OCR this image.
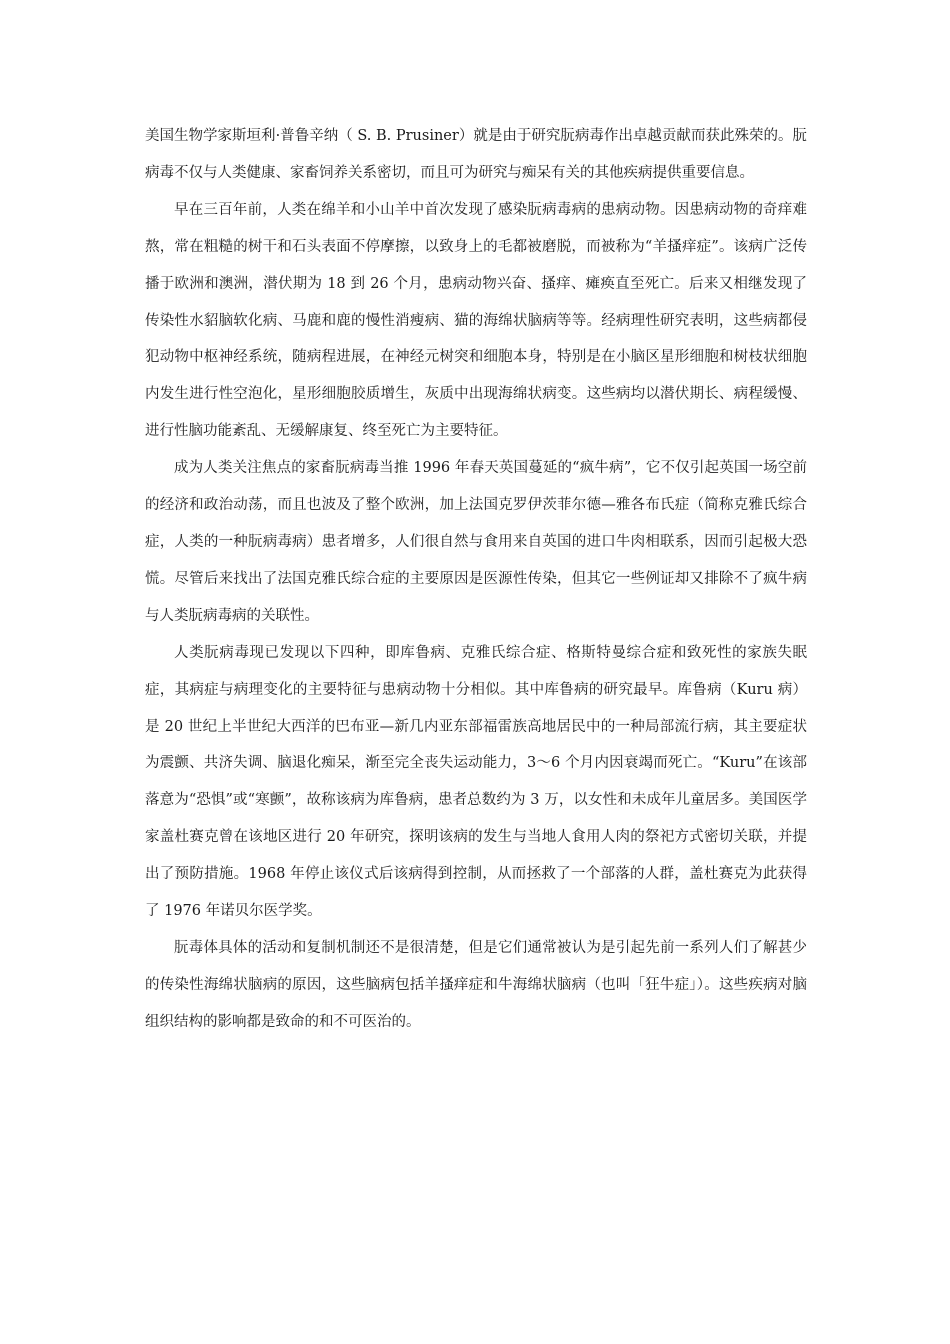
美国生物学家斯垣利·普鲁辛纳（ S. B. Prusiner）就是由于研究朊病毒作出卓越贡献而获此殊荣的。朊病毒不仅与人类健康、家畜饲养关系密切，而且可为研究与痴呆有关的其他疾病提供重要信息。

早在三百年前，人类在绵羊和小山羊中首次发现了感染朊病毒病的患病动物。因患病动物的奇痒难熬，常在粗糙的树干和石头表面不停摩擦，以致身上的毛都被磨脱，而被称为“羊搔痒症”。该病广泛传播于欧洲和澳洲，潜伏期为 18 到 26 个月，患病动物兴奋、搔痒、瘫痪直至死亡。后来又相继发现了传染性水貂脑软化病、马鹿和鹿的慢性消瘦病、猫的海绵状脑病等等。经病理性研究表明，这些病都侵犯动物中枢神经系统，随病程进展，在神经元树突和细胞本身，特别是在小脑区星形细胞和树枝状细胞内发生进行性空泡化，星形细胞胶质增生，灰质中出现海绵状病变。这些病均以潜伏期长、病程缓慢、进行性脑功能紊乱、无缓解康复、终至死亡为主要特征。

成为人类关注焦点的家畜朊病毒当推 1996 年春天英国蔓延的“疯牛病”，它不仅引起英国一场空前的经济和政治动荡，而且也波及了整个欧洲，加上法国克罗伊茨菲尔德—雅各布氏症（简称克雅氏综合症，人类的一种朊病毒病）患者增多，人们很自然与食用来自英国的进口牛肉相联系，因而引起极大恐慌。尽管后来找出了法国克雅氏综合症的主要原因是医源性传染，但其它一些例证却又排除不了疯牛病与人类朊病毒病的关联性。

人类朊病毒现已发现以下四种，即库鲁病、克雅氏综合症、格斯特曼综合症和致死性的家族失眠症，其病症与病理变化的主要特征与患病动物十分相似。其中库鲁病的研究最早。库鲁病（Kuru 病）是 20 世纪上半世纪大西洋的巴布亚—新几内亚东部福雷族高地居民中的一种局部流行病，其主要症状为震颤、共济失调、脑退化痴呆，渐至完全丧失运动能力，3～6 个月内因衰竭而死亡。“Kuru”在该部落意为“恐惧”或“寒颤”，故称该病为库鲁病，患者总数约为 3 万，以女性和未成年儿童居多。美国医学家盖杜赛克曾在该地区进行 20 年研究，探明该病的发生与当地人食用人肉的祭祀方式密切关联，并提出了预防措施。1968 年停止该仪式后该病得到控制，从而拯救了一个部落的人群，盖杜赛克为此获得了 1976 年诺贝尔医学奖。

朊毒体具体的活动和复制机制还不是很清楚，但是它们通常被认为是引起先前一系列人们了解甚少的传染性海绵状脑病的原因，这些脑病包括羊搔痒症和牛海绵状脑病（也叫「狂牛症」）。这些疾病对脑组织结构的影响都是致命的和不可医治的。
